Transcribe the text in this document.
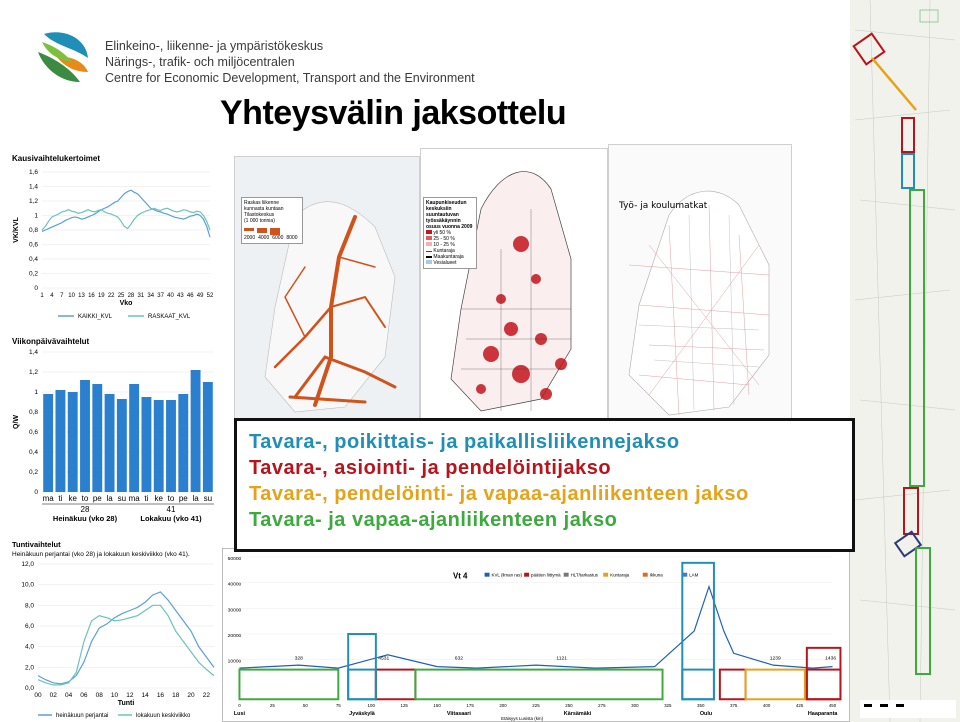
Elinkeino-, liikenne- ja ympäristökeskus
Närings-, trafik- och miljöcentralen
Centre for Economic Development, Transport and the Environment
Yhteysvälin jaksottelu
Kausivaihtelukertoimet
1,6
1,4
1,2
1
0,8
0,6
0,4
0,2
0
VK/KVL
1 4 7 10 13 16 19 22 25 28 31 34 37 40 43 46 49 52
Vko
KAIKKI_KVL	RASKAAT_KVL
Viikonpäivävaihtelut
1,4
1,2
1
0,8
0,6
0,4
0,2
0
Q/W
ma ti ke to pe la su ma ti ke to pe la su
28	41
Heinäkuu (vko 28)	Lokakuu (vko 41)
Tuntivaihtelut
Heinäkuun perjantai (vko 28) ja lokakuun keskiviikko (vko 41).
12,0
10,0
8,0
6,0
4,0
2,0
0,0
00 02 04 06 08 10 12 14 16 18 20 22
Tunti
heinäkuun perjantai	lokakuun keskiviikko
Raskas liikenne
kunnasta kuntaan
Tilastokeskus
(1 000 tonnia)
2000 4000 6000 8000
Kaupunkiseudun keskuksiin suuntautuvan työssäkäynnin osuus vuonna 2009
yli 50 %
25 - 50 %
10 - 25 %
Kuntaraja
Maakuntaraja
Vesialueet
Työ- ja koulumatkat
50000
40000
30000
20000
10000
Vt 4	KVL (ilman ras) päätien liittymä HLT/tarkastus	Kuntaraja	Ikkuna	LAM
328	4531	632	1121	1239	1436
0	25	50	75	100	125	150	175	200	225	250	275	300	325	350	375	400	425	450
Lusi	Jyväskylä	Viitasaari	Kärsämäki	Oulu	Haaparanta
Etäisyys Lusista (km)
Tavara-, poikittais- ja paikallisliikennejakso
Tavara-, asiointi- ja pendelöintijakso
Tavara-, pendelöinti- ja vapaa-ajanliikenteen jakso
Tavara- ja vapaa-ajanliikenteen jakso
